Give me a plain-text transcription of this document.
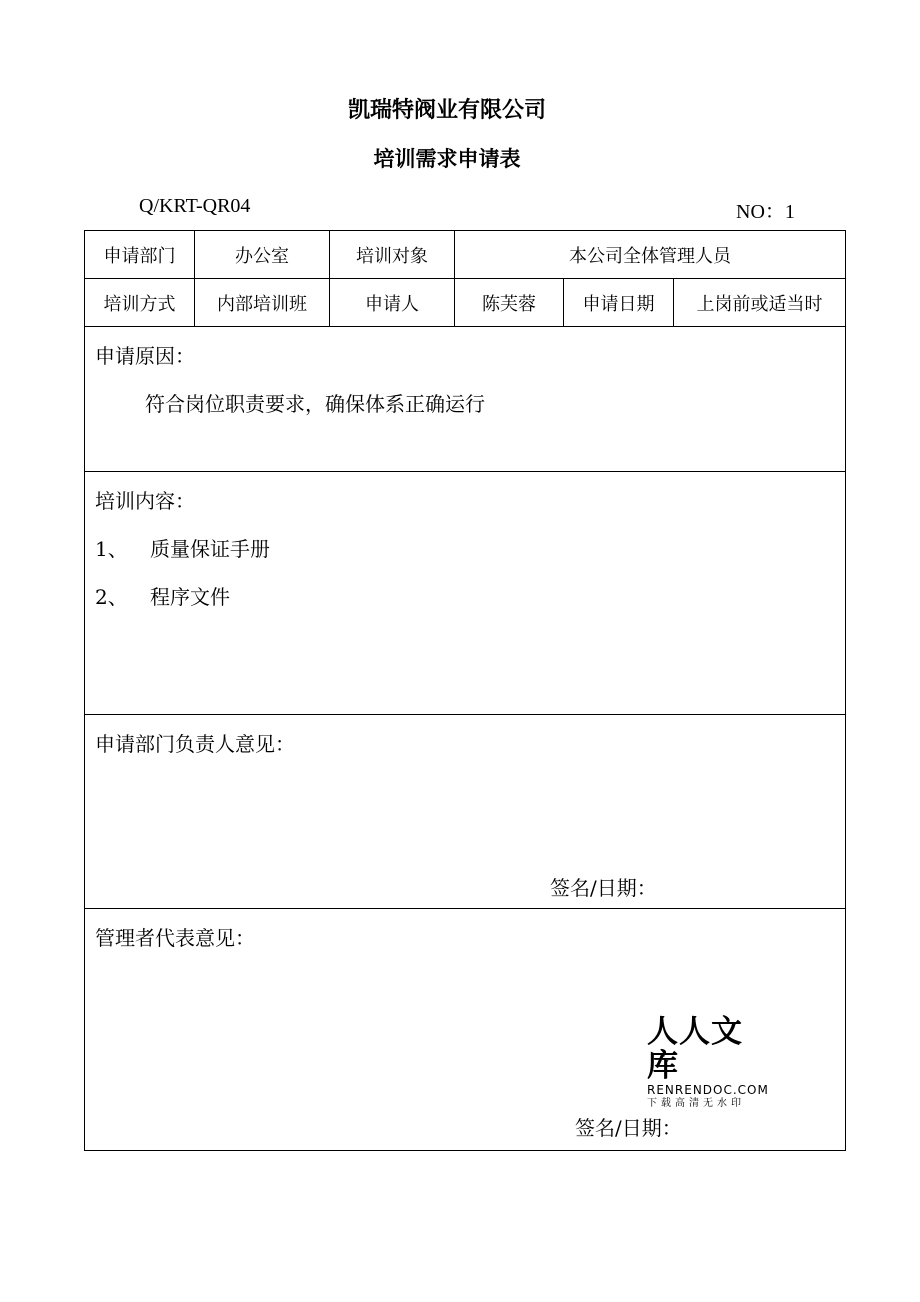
凯瑞特阀业有限公司
培训需求申请表
Q/KRT-QR04	NO：1
申请部门	办公室	培训对象	本公司全体管理人员		
培训方式	内部培训班	申请人	陈芙蓉	申请日期	上岗前或适当时

申请原因：
符合岗位职责要求，确保体系正确运行					

培训内容：
1、 质量保证手册
2、 程序文件					

申请部门负责人意见：
签名/日期：					

管理者代表意见：
签名/日期：					
人人文库
RENRENDOC.COM
下载高清无水印
